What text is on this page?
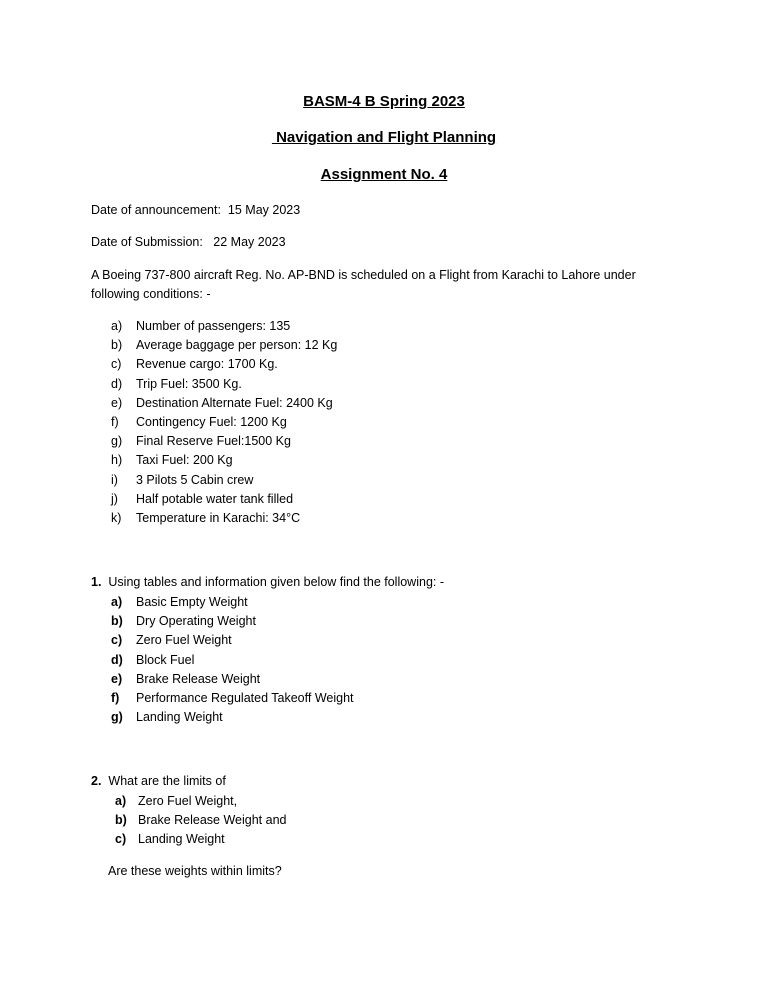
BASM-4 B Spring 2023
Navigation and Flight Planning
Assignment No. 4
Date of announcement: 15 May 2023
Date of Submission: 22 May 2023
A Boeing 737-800 aircraft Reg. No. AP-BND is scheduled on a Flight from Karachi to Lahore under following conditions: -
a) Number of passengers: 135
b) Average baggage per person: 12 Kg
c) Revenue cargo: 1700 Kg.
d) Trip Fuel: 3500 Kg.
e) Destination Alternate Fuel: 2400 Kg
f) Contingency Fuel: 1200 Kg
g) Final Reserve Fuel:1500 Kg
h) Taxi Fuel: 200 Kg
i) 3 Pilots 5 Cabin crew
j) Half potable water tank filled
k) Temperature in Karachi: 34°C
1. Using tables and information given below find the following: -
a) Basic Empty Weight
b) Dry Operating Weight
c) Zero Fuel Weight
d) Block Fuel
e) Brake Release Weight
f) Performance Regulated Takeoff Weight
g) Landing Weight
2. What are the limits of
a) Zero Fuel Weight,
b) Brake Release Weight and
c) Landing Weight
Are these weights within limits?
